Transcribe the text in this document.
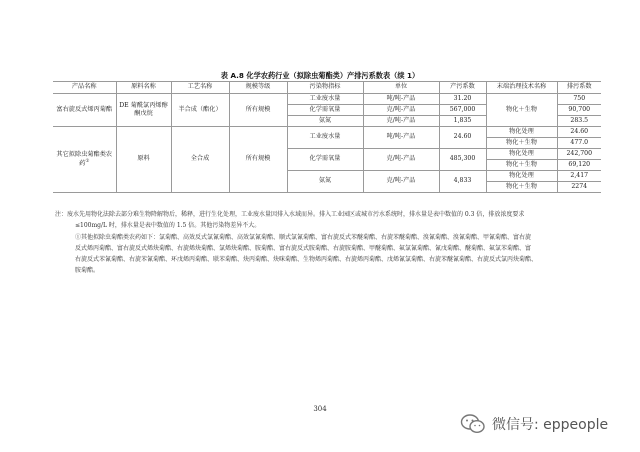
表 A.8 化学农药行业（拟除虫菊酯类）产排污系数表（续 1）
产品名称	原料名称	工艺名称	规模等级	污染物指标	单位	产污系数	末端治理技术名称	排污系数
富右旋反式烯丙菊酯	DE 菊酰氯丙烯醇酮戊烷	半合成（酯化）	所有规模	工业废水量	吨/吨-产品	31.20	物化＋生物	750
				化学需氧量	克/吨-产品	567,000		90,700
				氨氮	克/吨-产品	1,835		283.5
其它拟除虫菊酯类农药①	原料	全合成	所有规模	工业废水量	吨/吨-产品	24.60	物化处理	24.60
							物化＋生物	477.0
				化学需氧量	克/吨-产品	485,300	物化处理	242,700
							物化＋生物	69,120
				氨氮	克/吨-产品	4,833	物化处理	2,417
							物化＋生物	2274

注：废水先用物化法除去部分难生物降解物后，稀释，进行生化处理，工业废水量因排入水域而异。排入工业园区或城市污水系统时，排水量是表中数值的 0.3 倍，排放浓度要求

≤100mg/L 时，排水量是表中数值的 1.5 倍。其他污染物差异不大。

①其他拟除虫菊酯类农药如下：氯菊酯、高效反式氯氰菊酯、高效氯氰菊酯、顺式氯氰菊酯、富右旋反式苯醚菊酯、右旋苯醚菊酯、溴氰菊酯、溴氰菊酯、甲氰菊酯、富右旋

反式烯丙菊酯、富右旋反式烯炔菊酯、右旋烯炔菊酯、氯烯炔菊酯、胺菊酯、富右旋反式胺菊酯、右旋胺菊酯、甲醚菊酯、氟氯氰菊酯、氰戊菊酯、醚菊酯、氟氯苯菊酯、富

右旋反式苯氰菊酯、右旋苯氰菊酯、环戊烯丙菊酯、联苯菊酯、炔丙菊酯、炔咪菊酯、生物烯丙菊酯、右旋烯丙菊酯、戊烯氰氯菊酯、右旋苯醚氰菊酯、右旋反式氯丙炔菊酯、

胺菊酯。

304
微信号: eppeople
